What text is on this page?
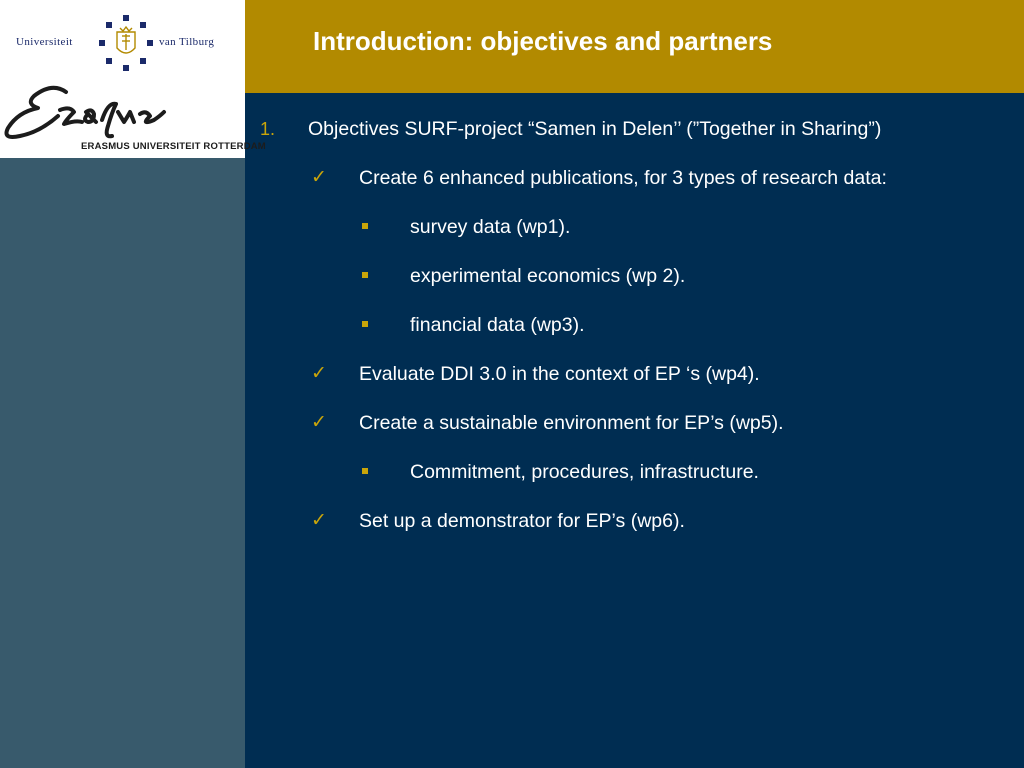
Universiteit	van Tilburg
ERASMUS UNIVERSITEIT ROTTERDAM
Introduction: objectives and partners
1. Objectives SURF-project “Samen in Delen’’ (”Together in Sharing”)
✓ Create 6 enhanced publications, for 3 types of research data:
survey data (wp1).
experimental economics (wp 2).
financial data (wp3).
✓ Evaluate DDI 3.0 in the context of EP ‘s (wp4).
✓ Create a sustainable environment for EP’s (wp5).
Commitment, procedures, infrastructure.
✓ Set up a demonstrator for EP’s (wp6).
